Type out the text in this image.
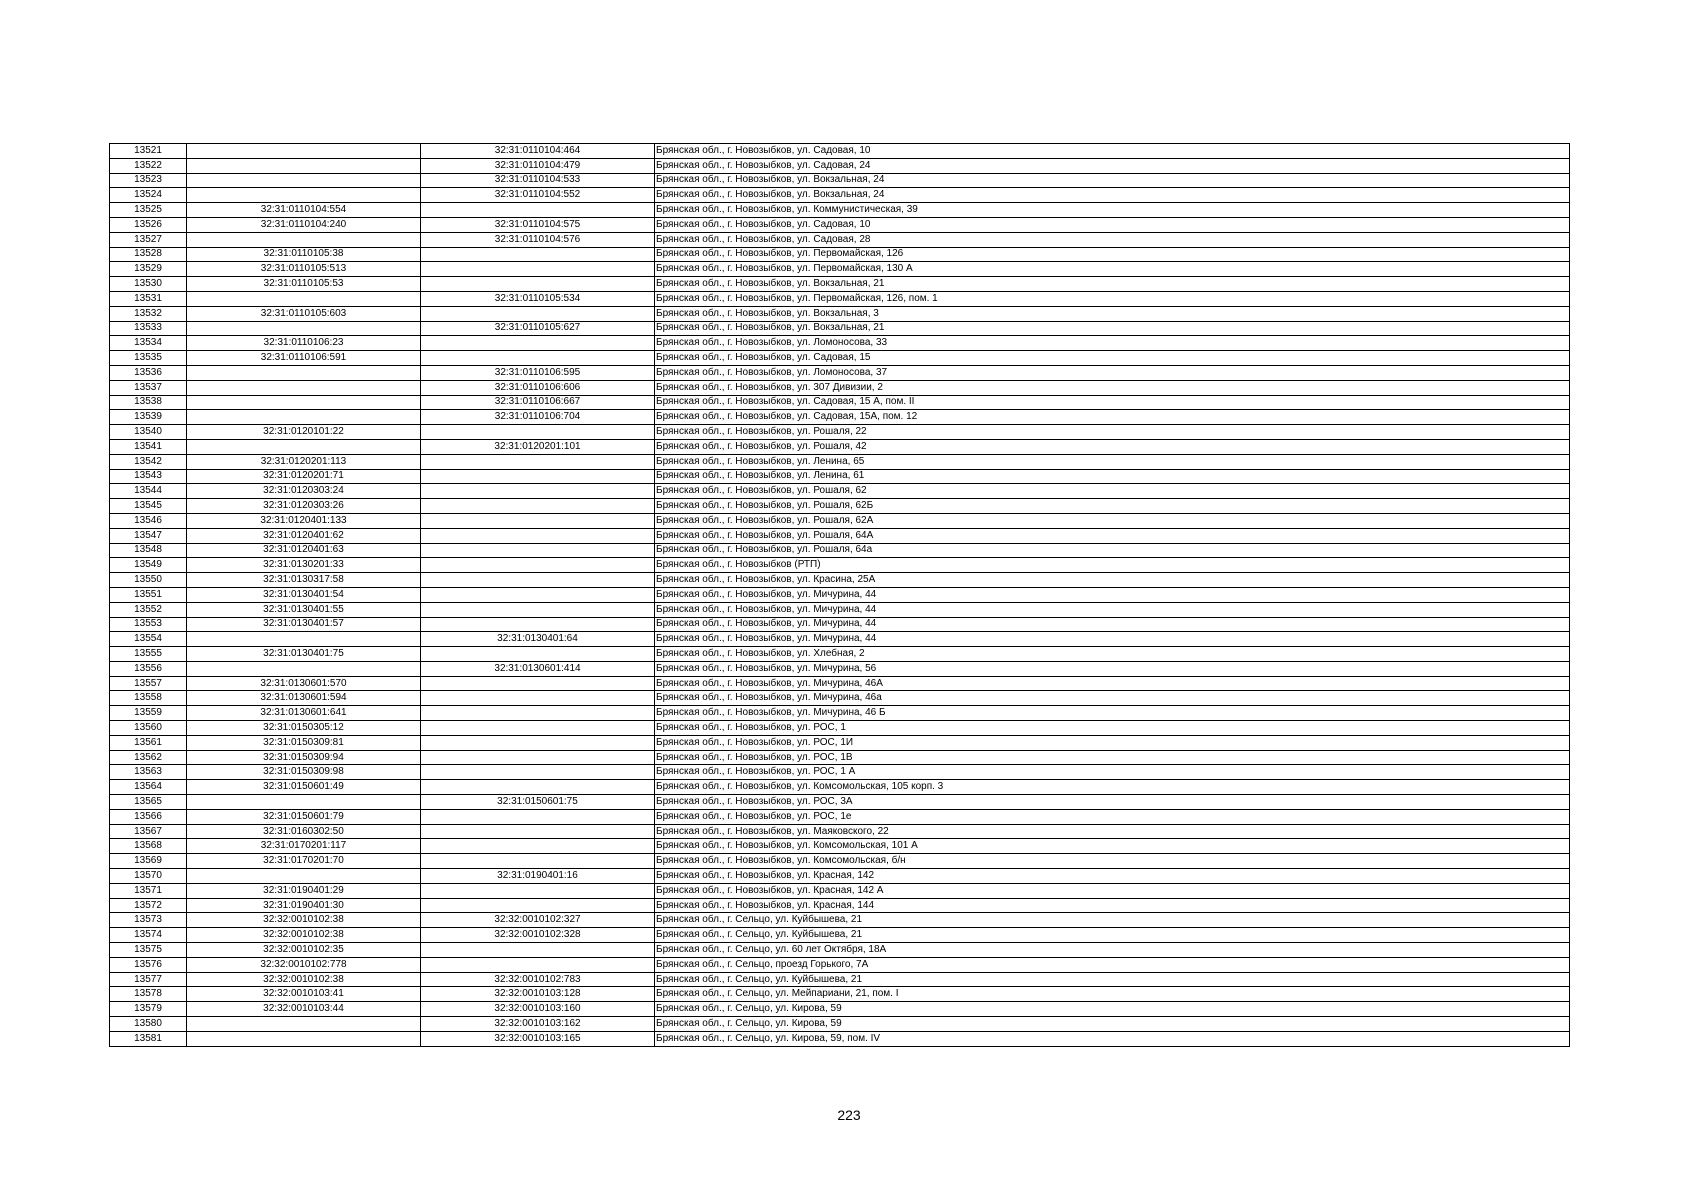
13521		32:31:0110104:464	Брянская обл., г. Новозыбков, ул. Садовая, 10
13522		32:31:0110104:479	Брянская обл., г. Новозыбков, ул. Садовая, 24
13523		32:31:0110104:533	Брянская обл., г. Новозыбков, ул. Вокзальная, 24
13524		32:31:0110104:552	Брянская обл., г. Новозыбков, ул. Вокзальная, 24
13525	32:31:0110104:554		Брянская обл., г. Новозыбков, ул. Коммунистическая, 39
13526	32:31:0110104:240	32:31:0110104:575	Брянская обл., г. Новозыбков, ул. Садовая, 10
13527		32:31:0110104:576	Брянская обл., г. Новозыбков, ул. Садовая, 28
13528	32:31:0110105:38		Брянская обл., г. Новозыбков, ул. Первомайская, 126
13529	32:31:0110105:513		Брянская обл., г. Новозыбков, ул. Первомайская, 130 А
13530	32:31:0110105:53		Брянская обл., г. Новозыбков, ул. Вокзальная, 21
13531		32:31:0110105:534	Брянская обл., г. Новозыбков, ул. Первомайская, 126, пом. 1
13532	32:31:0110105:603		Брянская обл., г. Новозыбков, ул. Вокзальная, 3
13533		32:31:0110105:627	Брянская обл., г. Новозыбков, ул. Вокзальная, 21
13534	32:31:0110106:23		Брянская обл., г. Новозыбков, ул. Ломоносова, 33
13535	32:31:0110106:591		Брянская обл., г. Новозыбков, ул. Садовая, 15
13536		32:31:0110106:595	Брянская обл., г. Новозыбков, ул. Ломоносова, 37
13537		32:31:0110106:606	Брянская обл., г. Новозыбков, ул. 307 Дивизии, 2
13538		32:31:0110106:667	Брянская обл., г. Новозыбков, ул. Садовая, 15 А, пом. II
13539		32:31:0110106:704	Брянская обл., г. Новозыбков, ул. Садовая, 15А, пом. 12
13540	32:31:0120101:22		Брянская обл., г. Новозыбков, ул. Рошаля, 22
13541		32:31:0120201:101	Брянская обл., г. Новозыбков, ул. Рошаля, 42
13542	32:31:0120201:113		Брянская обл., г. Новозыбков, ул. Ленина, 65
13543	32:31:0120201:71		Брянская обл., г. Новозыбков, ул. Ленина, 61
13544	32:31:0120303:24		Брянская обл., г. Новозыбков, ул. Рошаля, 62
13545	32:31:0120303:26		Брянская обл., г. Новозыбков, ул. Рошаля, 62Б
13546	32:31:0120401:133		Брянская обл., г. Новозыбков, ул. Рошаля, 62А
13547	32:31:0120401:62		Брянская обл., г. Новозыбков, ул. Рошаля, 64А
13548	32:31:0120401:63		Брянская обл., г. Новозыбков, ул. Рошаля, 64а
13549	32:31:0130201:33		Брянская обл., г. Новозыбков (РТП)
13550	32:31:0130317:58		Брянская обл., г. Новозыбков, ул. Красина, 25А
13551	32:31:0130401:54		Брянская обл., г. Новозыбков, ул. Мичурина, 44
13552	32:31:0130401:55		Брянская обл., г. Новозыбков, ул. Мичурина, 44
13553	32:31:0130401:57		Брянская обл., г. Новозыбков, ул. Мичурина, 44
13554		32:31:0130401:64	Брянская обл., г. Новозыбков, ул. Мичурина, 44
13555	32:31:0130401:75		Брянская обл., г. Новозыбков, ул. Хлебная, 2
13556		32:31:0130601:414	Брянская обл., г. Новозыбков, ул. Мичурина, 56
13557	32:31:0130601:570		Брянская обл., г. Новозыбков, ул. Мичурина, 46А
13558	32:31:0130601:594		Брянская обл., г. Новозыбков, ул. Мичурина, 46а
13559	32:31:0130601:641		Брянская обл., г. Новозыбков, ул. Мичурина, 46 Б
13560	32:31:0150305:12		Брянская обл., г. Новозыбков, ул. РОС, 1
13561	32:31:0150309:81		Брянская обл., г. Новозыбков, ул. РОС, 1И
13562	32:31:0150309:94		Брянская обл., г. Новозыбков, ул. РОС, 1В
13563	32:31:0150309:98		Брянская обл., г. Новозыбков, ул. РОС, 1 А
13564	32:31:0150601:49		Брянская обл., г. Новозыбков, ул. Комсомольская, 105 корп. 3
13565		32:31:0150601:75	Брянская обл., г. Новозыбков, ул. РОС, 3А
13566	32:31:0150601:79		Брянская обл., г. Новозыбков, ул. РОС, 1е
13567	32:31:0160302:50		Брянская обл., г. Новозыбков, ул. Маяковского, 22
13568	32:31:0170201:117		Брянская обл., г. Новозыбков, ул. Комсомольская, 101 А
13569	32:31:0170201:70		Брянская обл., г. Новозыбков, ул. Комсомольская, б/н
13570		32:31:0190401:16	Брянская обл., г. Новозыбков, ул. Красная, 142
13571	32:31:0190401:29		Брянская обл., г. Новозыбков, ул. Красная, 142 А
13572	32:31:0190401:30		Брянская обл., г. Новозыбков, ул. Красная, 144
13573	32:32:0010102:38	32:32:0010102:327	Брянская обл., г. Сельцо, ул. Куйбышева, 21
13574	32:32:0010102:38	32:32:0010102:328	Брянская обл., г. Сельцо, ул. Куйбышева, 21
13575	32:32:0010102:35		Брянская обл., г. Сельцо, ул. 60 лет Октября, 18А
13576	32:32:0010102:778		Брянская обл., г. Сельцо, проезд Горького, 7А
13577	32:32:0010102:38	32:32:0010102:783	Брянская обл., г. Сельцо, ул. Куйбышева, 21
13578	32:32:0010103:41	32:32:0010103:128	Брянская обл., г. Сельцо, ул. Мейпариани, 21, пом. I
13579	32:32:0010103:44	32:32:0010103:160	Брянская обл., г. Сельцо, ул. Кирова, 59
13580		32:32:0010103:162	Брянская обл., г. Сельцо, ул. Кирова, 59
13581		32:32:0010103:165	Брянская обл., г. Сельцо, ул. Кирова, 59, пом. IV
223
